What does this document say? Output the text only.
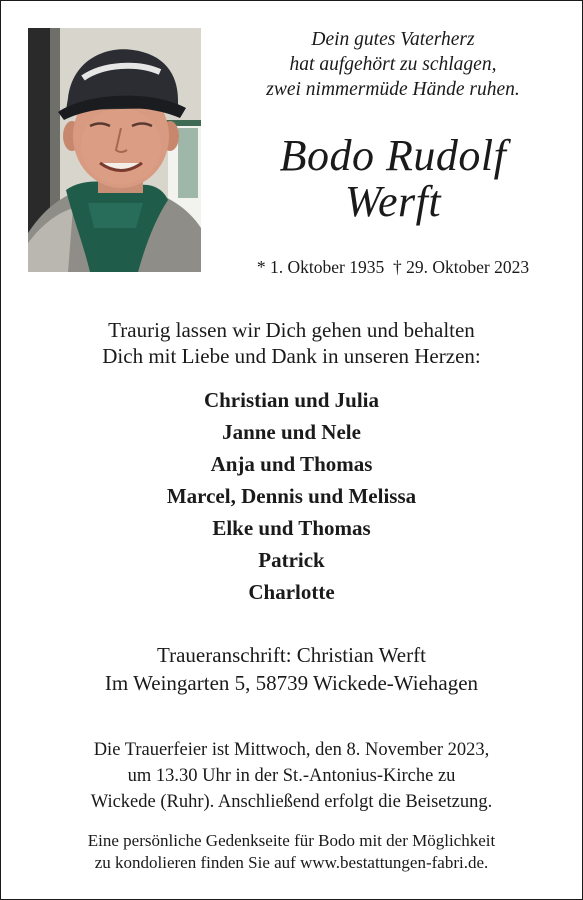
Dein gutes Vaterherz
hat aufgehört zu schlagen,
zwei nimmermüde Hände ruhen.
Bodo Rudolf
Werft
* 1. Oktober 1935  † 29. Oktober 2023
Traurig lassen wir Dich gehen und behalten
Dich mit Liebe und Dank in unseren Herzen:
Christian und Julia
Janne und Nele
Anja und Thomas
Marcel, Dennis und Melissa
Elke und Thomas
Patrick
Charlotte
Traueranschrift: Christian Werft
Im Weingarten 5, 58739 Wickede-Wiehagen
Die Trauerfeier ist Mittwoch, den 8. November 2023,
um 13.30 Uhr in der St.-Antonius-Kirche zu
Wickede (Ruhr). Anschließend erfolgt die Beisetzung.
Eine persönliche Gedenkseite für Bodo mit der Möglichkeit
zu kondolieren finden Sie auf www.bestattungen-fabri.de.
